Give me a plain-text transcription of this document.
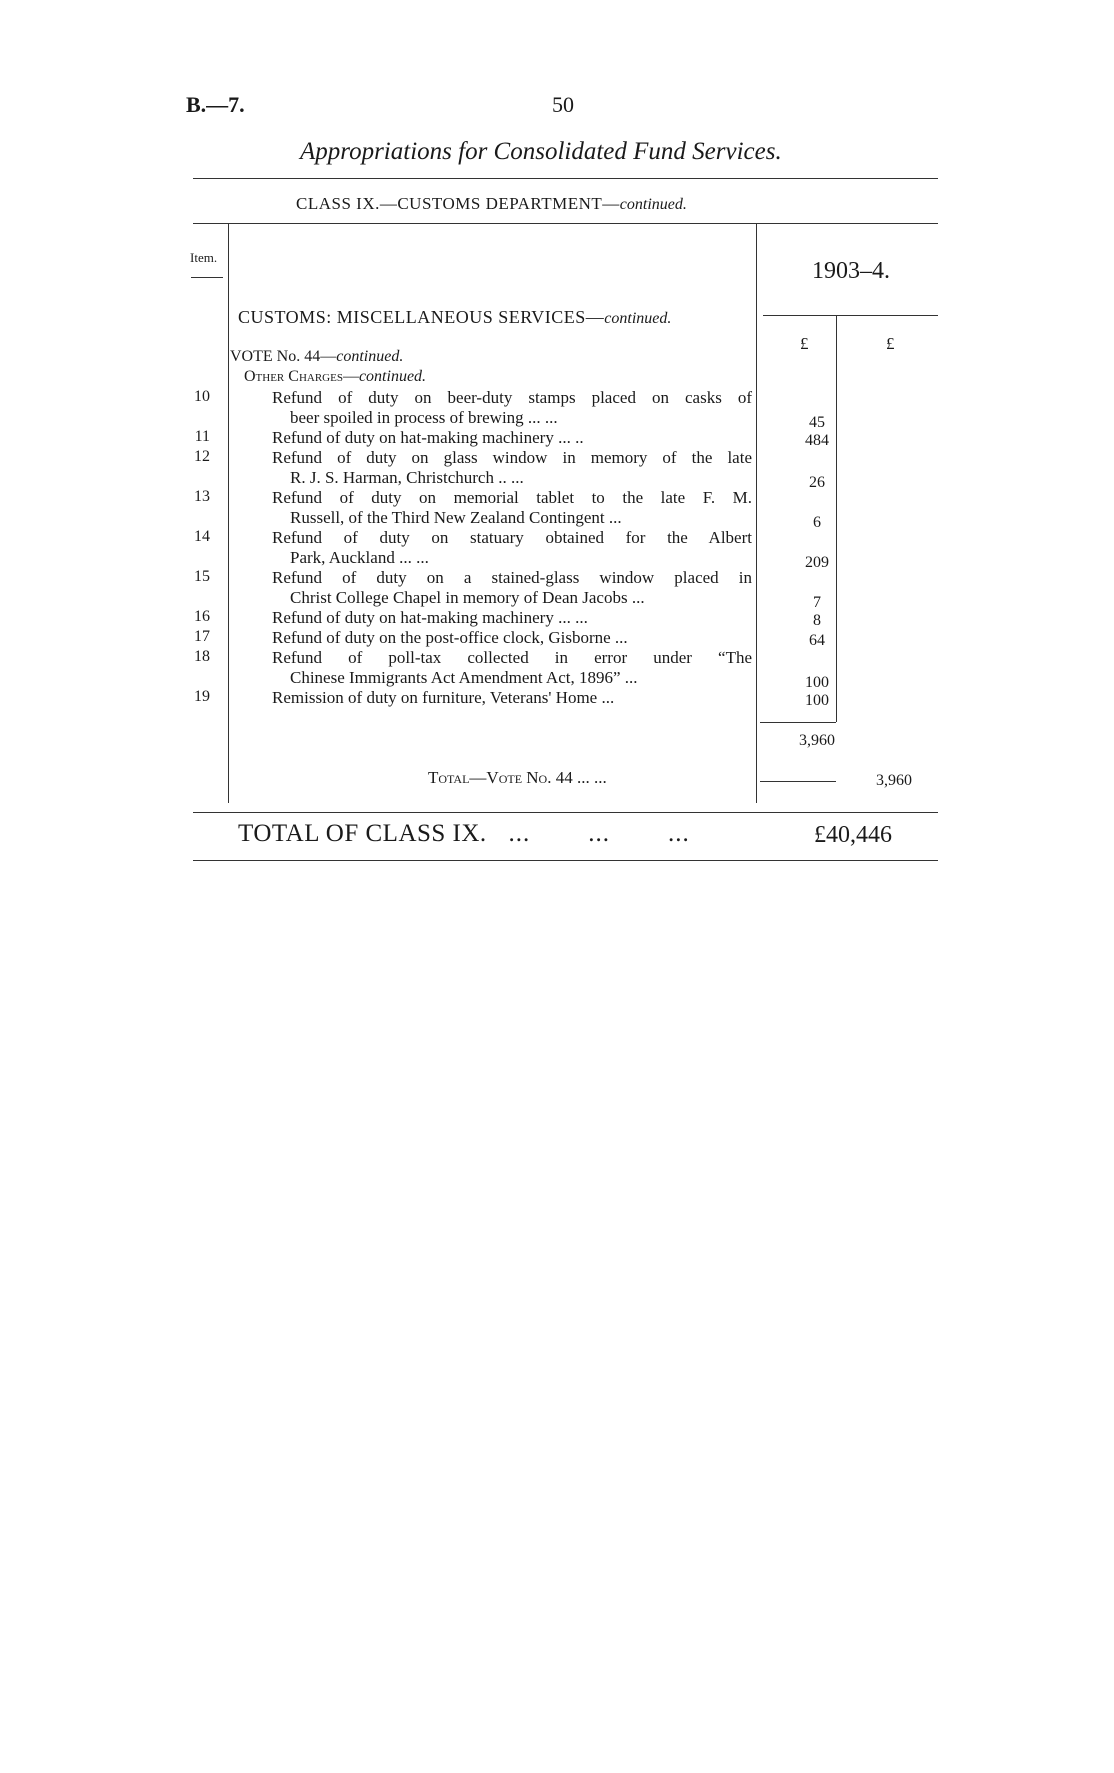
B.—7.	50
Appropriations for Consolidated Fund Services.
CLASS IX.—CUSTOMS DEPARTMENT—continued.
Item.
1903–4.
£	£
CUSTOMS: MISCELLANEOUS SERVICES—continued.
VOTE No. 44—continued.
Other Charges—continued.
10	Refund of duty on beer-duty stamps placed on casks of
beer spoiled in process of brewing ... ...	45
11	Refund of duty on hat-making machinery ... ..	484
12	Refund of duty on glass window in memory of the late
R. J. S. Harman, Christchurch .. ...	26
13	Refund of duty on memorial tablet to the late F. M.
Russell, of the Third New Zealand Contingent ...	6
14	Refund of duty on statuary obtained for the Albert
Park, Auckland ... ...	209
15	Refund of duty on a stained-glass window placed in
Christ College Chapel in memory of Dean Jacobs ...	7
16	Refund of duty on hat-making machinery ... ...	8
17	Refund of duty on the post-office clock, Gisborne ...	64
18	Refund of poll-tax collected in error under “The
Chinese Immigrants Act Amendment Act, 1896” ...	100
19	Remission of duty on furniture, Veterans' Home ...	100
3,960
Total—Vote No. 44 ... ...	3,960
TOTAL OF CLASS IX.   ...        ...        ...	£40,446
